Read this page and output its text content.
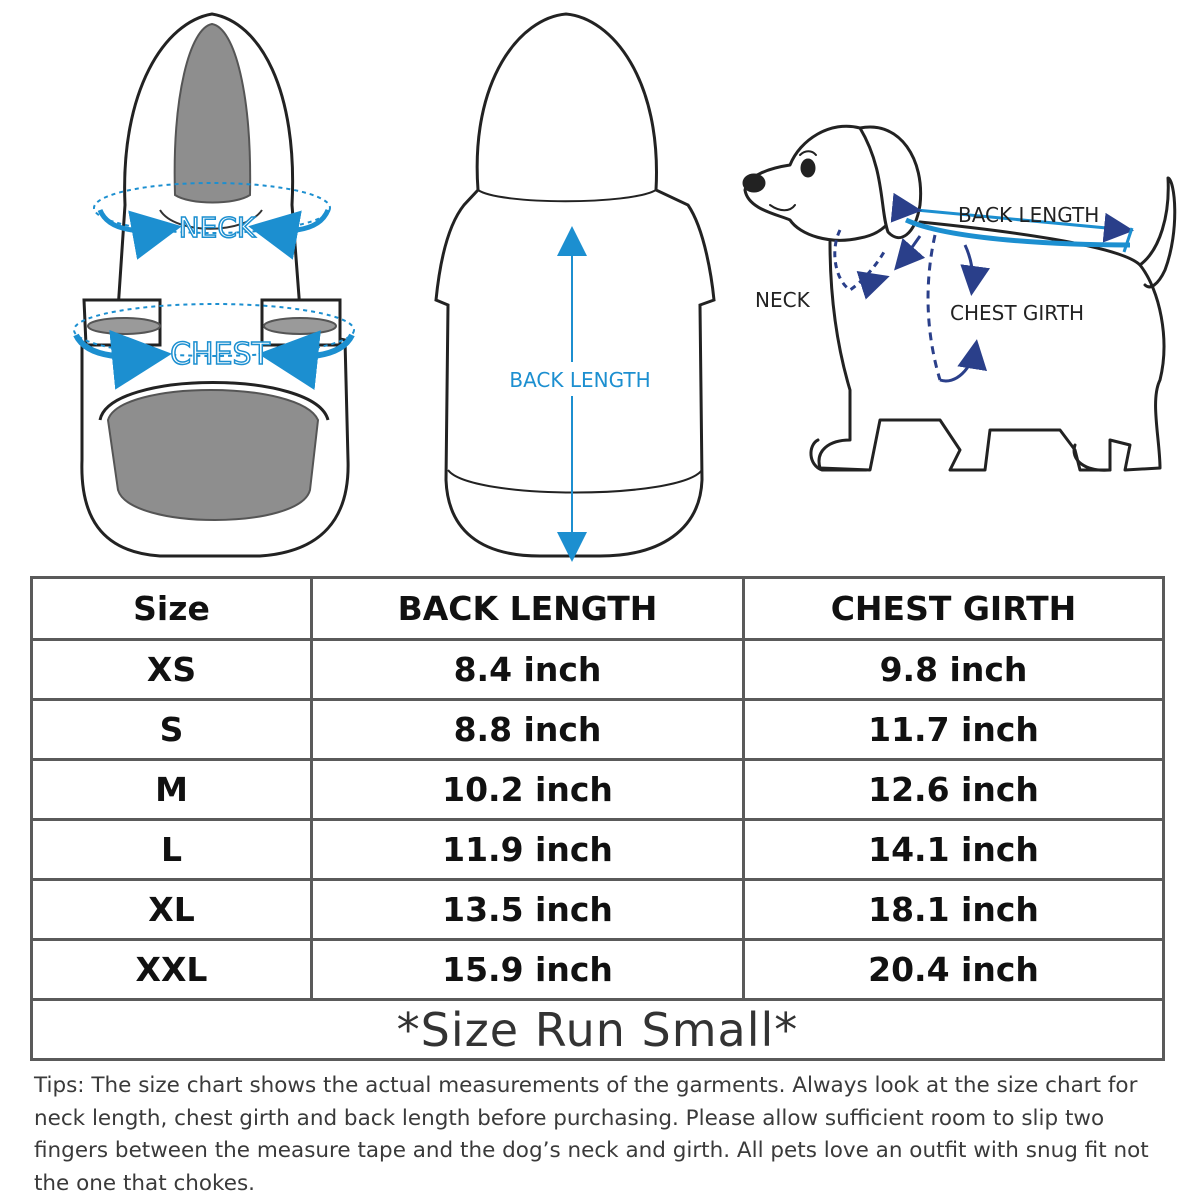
NECK
CHEST
BACK LENGTH
BACK LENGTH
NECK
CHEST GIRTH
Size	BACK LENGTH	CHEST GIRTH
XS	8.4 inch	9.8 inch
S	8.8 inch	11.7 inch
M	10.2 inch	12.6 inch
L	11.9 inch	14.1 inch
XL	13.5 inch	18.1 inch
XXL	15.9 inch	20.4 inch
*Size Run Small*		

Tips: The size chart shows the actual measurements of the garments. Always look at the size chart for neck length, chest girth and back length before purchasing. Please allow sufficient room to slip two fingers between the measure tape and the dog’s neck and girth. All pets love an outfit with snug fit not the one that chokes.
